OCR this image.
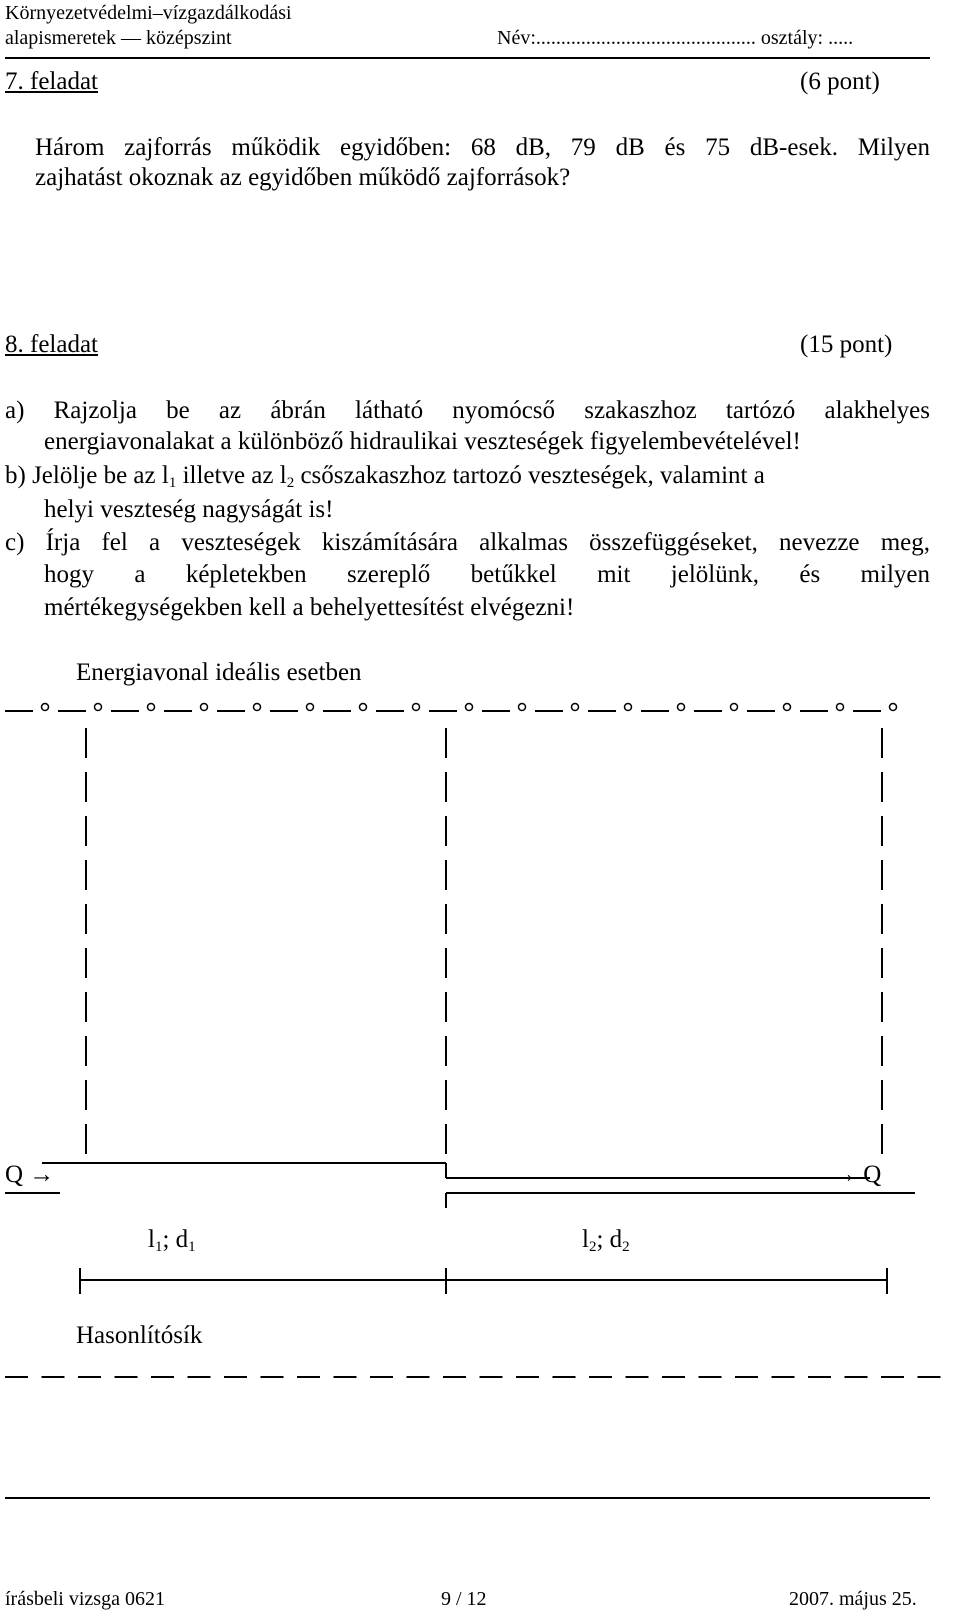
Környezetvédelmi–vízgazdálkodási
alapismeretek — középszint	Név:............................................ osztály: .....
7. feladat	(6 pont)
Három zajforrás működik egyidőben: 68 dB, 79 dB és 75 dB-esek. Milyen
zajhatást okoznak az egyidőben működő zajforrások?
8. feladat	(15 pont)
a) Rajzolja be az ábrán látható nyomócső szakaszhoz tartózó alakhelyes
energiavonalakat a különböző hidraulikai veszteségek figyelembevételével!
b) Jelölje be az $l_1$ illetve az $l_2$ csőszakaszhoz tartozó veszteségek, valamint a
helyi veszteség nagyságát is!
c) Írja fel a veszteségek kiszámítására alkalmas összefüggéseket, nevezze meg,
hogy a képletekben szereplő betűkkel mit jelölünk, és milyen
mértékegységekben kell a behelyettesítést elvégezni!
Energiavonal ideális esetben
Q →	→ Q
$l_1$; $d_1$	$l_2$; $d_2$
Hasonlítósík
írásbeli vizsga 0621	9 / 12	2007. május 25.
